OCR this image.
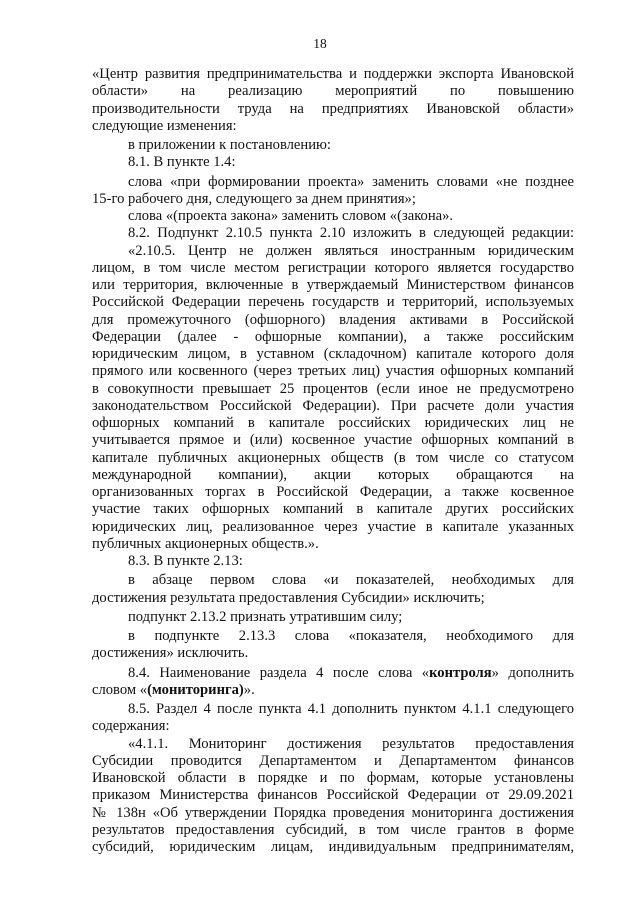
18
«Центр развития предпринимательства и поддержки экспорта Ивановской
области»    на    реализацию    мероприятий    по    повышению
производительности труда на предприятиях Ивановской области»
следующие изменения:
в приложении к постановлению:
8.1. В пункте 1.4:
слова «при формировании проекта» заменить словами «не позднее
15-го рабочего дня, следующего за днем принятия»;
слова «(проекта закона» заменить словом «(закона».
8.2. Подпункт 2.10.5 пункта 2.10 изложить в следующей редакции:
«2.10.5. Центр не должен являться иностранным юридическим
лицом, в том числе местом регистрации которого является государство
или территория, включенные в утверждаемый Министерством финансов
Российской Федерации перечень государств и территорий, используемых
для промежуточного (офшорного) владения активами в Российской
Федерации (далее - офшорные компании), а также российским
юридическим лицом, в уставном (складочном) капитале которого доля
прямого или косвенного (через третьих лиц) участия офшорных компаний
в совокупности превышает 25 процентов (если иное не предусмотрено
законодательством Российской Федерации). При расчете доли участия
офшорных компаний в капитале российских юридических лиц не
учитывается прямое и (или) косвенное участие офшорных компаний в
капитале публичных акционерных обществ (в том числе со статусом
международной    компании),    акции    которых    обращаются    на
организованных торгах в Российской Федерации, а также косвенное
участие таких офшорных компаний в капитале других российских
юридических лиц, реализованное через участие в капитале указанных
публичных акционерных обществ.».
8.3. В пункте 2.13:
в абзаце первом слова «и показателей, необходимых для
достижения результата предоставления Субсидии» исключить;
подпункт 2.13.2 признать утратившим силу;
в подпункте 2.13.3 слова «показателя, необходимого для
достижения» исключить.
8.4. Наименование раздела 4 после слова «контроля» дополнить
словом «(мониторинга)».
8.5. Раздел 4 после пункта 4.1 дополнить пунктом 4.1.1 следующего
содержания:
«4.1.1. Мониторинг достижения результатов предоставления
Субсидии проводится Департаментом и Департаментом финансов
Ивановской области в порядке и по формам, которые установлены
приказом Министерства финансов Российской Федерации от 29.09.2021
№ 138н «Об утверждении Порядка проведения мониторинга достижения
результатов предоставления субсидий, в том числе грантов в форме
субсидий, юридическим лицам, индивидуальным предпринимателям,
